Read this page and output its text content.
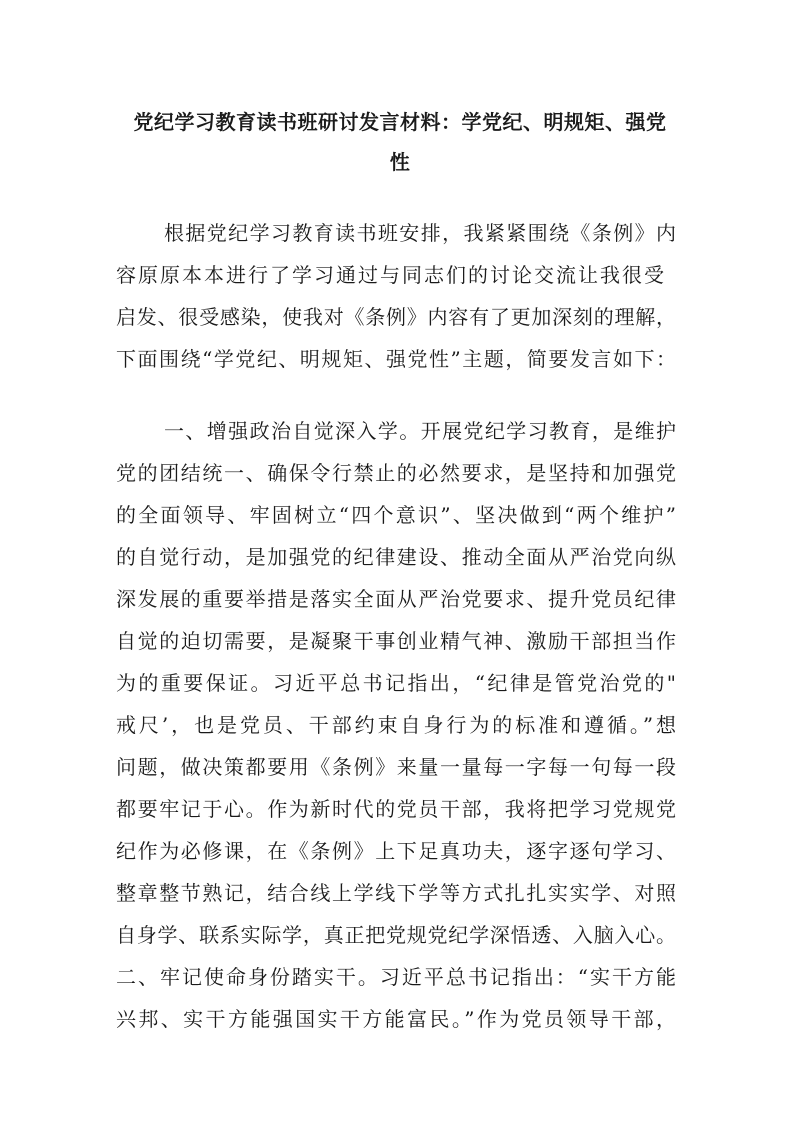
党纪学习教育读书班研讨发言材料：学党纪、明规矩、强党
性
根据党纪学习教育读书班安排，我紧紧围绕《条例》内
容原原本本进行了学习通过与同志们的讨论交流让我很受
启发、很受感染，使我对《条例》内容有了更加深刻的理解，
下面围绕“学党纪、明规矩、强党性”主题，简要发言如下：
一、增强政治自觉深入学。开展党纪学习教育，是维护
党的团结统一、确保令行禁止的必然要求，是坚持和加强党
的全面领导、牢固树立“四个意识”、坚决做到“两个维护”
的自觉行动，是加强党的纪律建设、推动全面从严治党向纵
深发展的重要举措是落实全面从严治党要求、提升党员纪律
自觉的迫切需要，是凝聚干事创业精气神、激励干部担当作
为的重要保证。习近平总书记指出，“纪律是管党治党的"
戒尺’，也是党员、干部约束自身行为的标准和遵循。”想
问题，做决策都要用《条例》来量一量每一字每一句每一段
都要牢记于心。作为新时代的党员干部，我将把学习党规党
纪作为必修课，在《条例》上下足真功夫，逐字逐句学习、
整章整节熟记，结合线上学线下学等方式扎扎实实学、对照
自身学、联系实际学，真正把党规党纪学深悟透、入脑入心。
二、牢记使命身份踏实干。习近平总书记指出：“实干方能
兴邦、实干方能强国实干方能富民。”作为党员领导干部，
